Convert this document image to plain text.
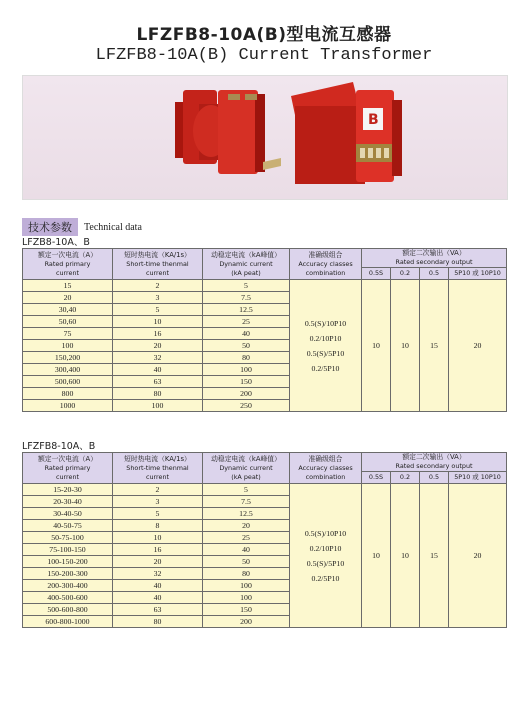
LFZFB8-10A(B)型电流互感器
LFZFB8-10A(B) Current Transformer
B
技术参数	Technical data
LFZB8-10A、B
额定一次电流（A）
Rated primary
current	短时热电流（KA/1s）
Short-time thenmal
current	动稳定电流（kA峰值）
Dynamic current
(kA peat)	准确级组合
Accuracy classes
combination	额定二次输出（VA）
Rated secondary output			
				0.5S	0.2	0.5	5P10 或 10P10
15	2	5	0.5(S)/10P10
0.2/10P10
0.5(S)/5P10
0.2/5P10	10	10	15	20
20	3	7.5					
30,40	5	12.5					
50,60	10	25					
75	16	40					
100	20	50					
150,200	32	80					
300,400	40	100					
500,600	63	150					
800	80	200					
1000	100	250					
LFZFB8-10A、B
额定一次电流（A）
Rated primary
current	短时热电流（KA/1s）
Short-time thenmal
current	动稳定电流（kA峰值）
Dynamic current
(kA peat)	准确级组合
Accuracy classes
combination	额定二次输出（VA）
Rated secondary output			
				0.5S	0.2	0.5	5P10 或 10P10
15-20-30	2	5	0.5(S)/10P10
0.2/10P10
0.5(S)/5P10
0.2/5P10	10	10	15	20
20-30-40	3	7.5					
30-40-50	5	12.5					
40-50-75	8	20					
50-75-100	10	25					
75-100-150	16	40					
100-150-200	20	50					
150-200-300	32	80					
200-300-400	40	100					
400-500-600	40	100					
500-600-800	63	150					
600-800-1000	80	200					
